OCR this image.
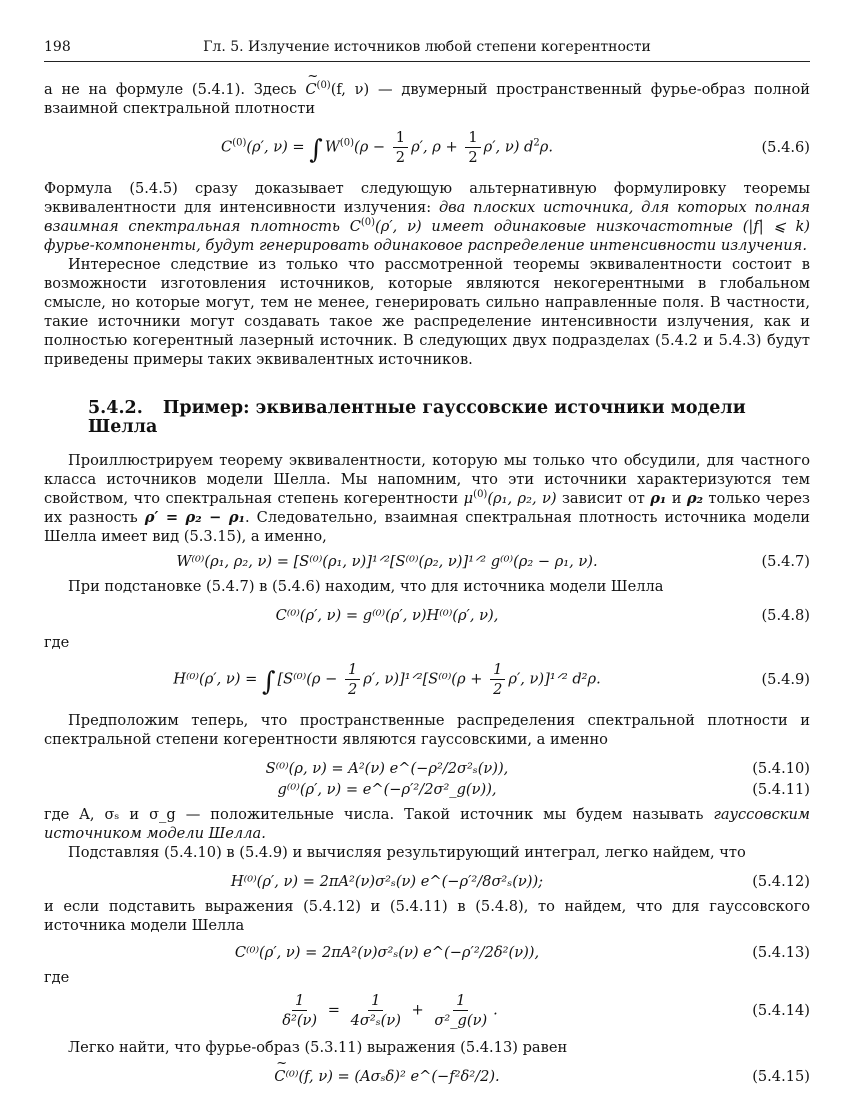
198	Гл. 5. Излучение источников любой степени когерентности

а не на формуле (5.4.1). Здесь ~ $C^{(0)}(f$, ν) — двумерный пространственный фурье-образ полной взаимной спектральной плотности

$C^{(0)}(\rho'$, ν) = ∫ $W^{(0)}(\rho - \frac{1}{2} \rho'$, $\rho + \frac{1}{2} \rho'$, ν) $d^2\rho$.	(5.4.6)

Формула (5.4.5) сразу доказывает следующую альтернативную формулировку теоремы эквивалентности для интенсивности излучения: два плоских источника, для которых полная взаимная спектральная плотность $C^{(0)}(\rho'$, ν) имеет одинаковые низкочастотные (|f| ⩽ k) фурье-компоненты, будут генерировать одинаковое распределение интенсивности излучения.

Интересное следствие из только что рассмотренной теоремы эквивалентности состоит в возможности изготовления источников, которые являются некогерентными в глобальном смысле, но которые могут, тем не менее, генерировать сильно направленные поля. В частности, такие источники могут создавать такое же распределение интенсивности излучения, как и полностью когерентный лазерный источник. В следующих двух подразделах (5.4.2 и 5.4.3) будут приведены примеры таких эквивалентных источников.

5.4.2. Пример: эквивалентные гауссовские источники модели Шелла

Проиллюстрируем теорему эквивалентности, которую мы только что обсудили, для частного класса источников модели Шелла. Мы напомним, что эти источники характеризуются тем свойством, что спектральная степень когерентности $\mu^{(0)}(\rho_1$, ρ₂, ν) зависит от ρ₁ и ρ₂ только через их разность ρ′ = ρ₂ − ρ₁. Следовательно, взаимная спектральная плотность источника модели Шелла имеет вид (5.3.15), а именно,

W⁽⁰⁾(ρ₁, ρ₂, ν) = [S⁽⁰⁾(ρ₁, ν)]¹ᐟ²[S⁽⁰⁾(ρ₂, ν)]¹ᐟ² g⁽⁰⁾(ρ₂ − ρ₁, ν).	(5.4.7)

При подстановке (5.4.7) в (5.4.6) находим, что для источника модели Шелла

C⁽⁰⁾(ρ′, ν) = g⁽⁰⁾(ρ′, ν)H⁽⁰⁾(ρ′, ν),	(5.4.8)

где

H⁽⁰⁾(ρ′, ν) = ∫ [$S^{(0)}(\rho - \frac{1}{2} \rho'$, ν)]¹ᐟ²[S⁽⁰⁾(ρ + $\frac{1}{2} \rho'$, ν)]¹ᐟ² d²ρ.	(5.4.9)

Предположим теперь, что пространственные распределения спектральной плотности и спектральной степени когерентности являются гауссовскими, а именно

S⁽⁰⁾(ρ, ν) = A²(ν) e^(−ρ²/2σ²ₛ(ν)),	(5.4.10)
g⁽⁰⁾(ρ′, ν) = e^(−ρ′²/2σ²_g(ν)),	(5.4.11)

где A, σₛ и σ_g — положительные числа. Такой источник мы будем называть гауссовским источником модели Шелла.

Подставляя (5.4.10) в (5.4.9) и вычисляя результирующий интеграл, легко найдем, что

H⁽⁰⁾(ρ′, ν) = 2πA²(ν)σ²ₛ(ν) e^(−ρ′²/8σ²ₛ(ν));	(5.4.12)

и если подставить выражения (5.4.12) и (5.4.11) в (5.4.8), то найдем, что для гауссовского источника модели Шелла

C⁽⁰⁾(ρ′, ν) = 2πA²(ν)σ²ₛ(ν) e^(−ρ′²/2δ²(ν)),	(5.4.13)

где

$\frac{1}{\text{δ²(ν)}} = \frac{1}{\text{4σ²ₛ(ν)}} + \frac{1}{\text{σ²\_g(ν)}}$ .	(5.4.14)

Легко найти, что фурье-образ (5.3.11) выражения (5.4.13) равен

~ C⁽⁰⁾(f, ν) = (Aσₛδ)² e^(−f²δ²/2).	(5.4.15)
